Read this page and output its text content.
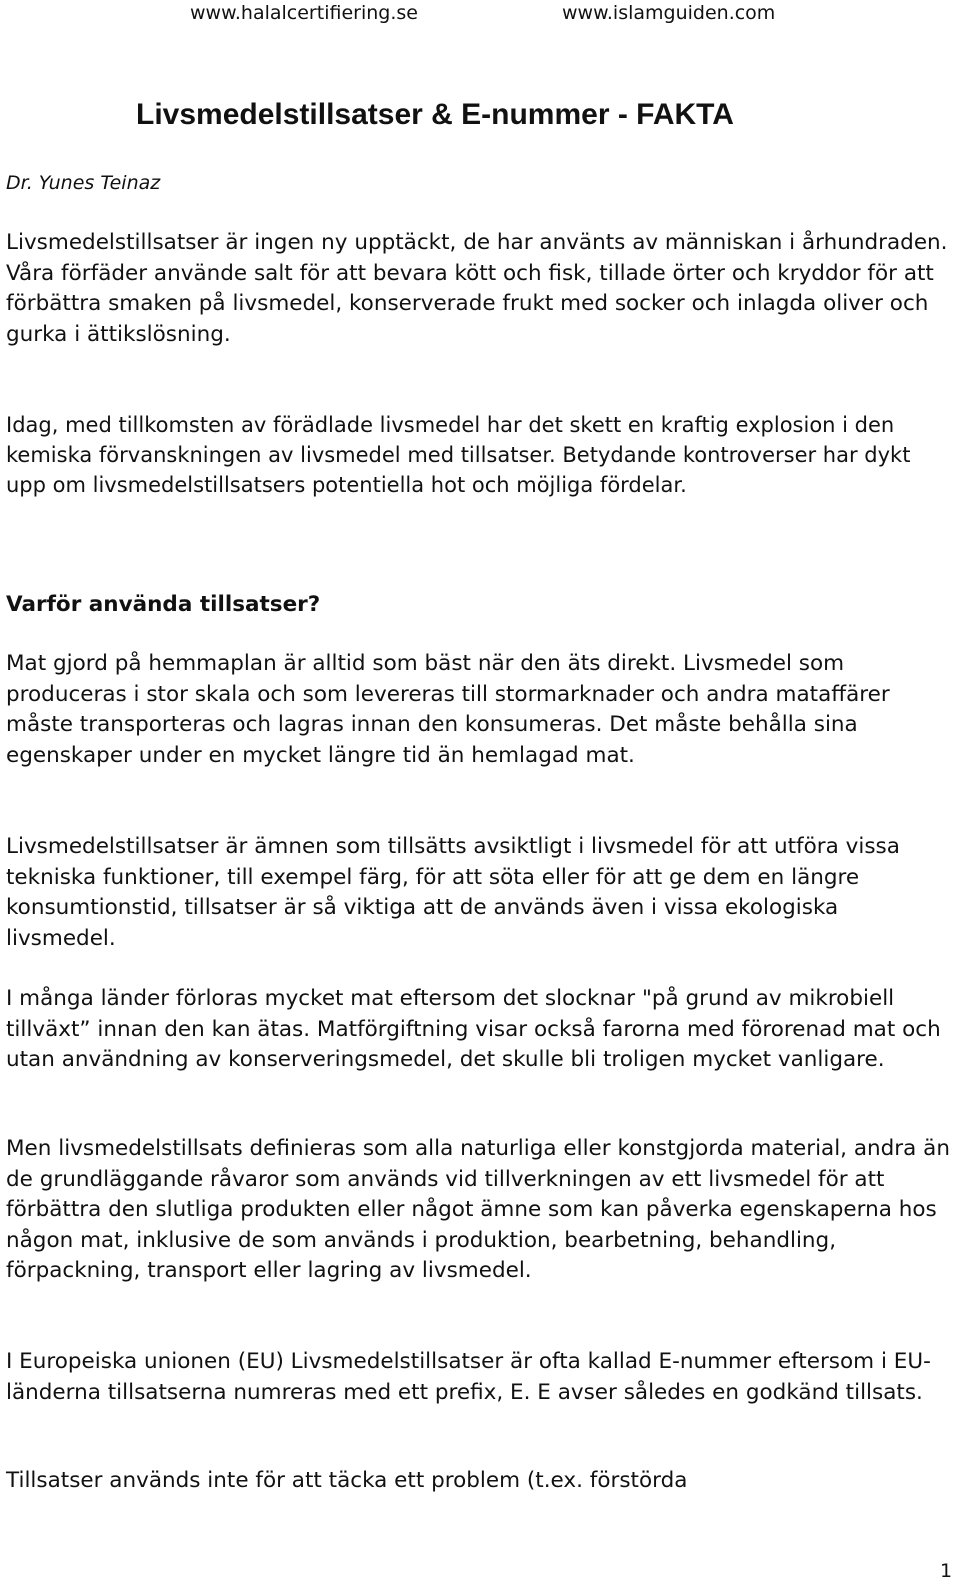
www.halalcertifiering.se	www.islamguiden.com
Livsmedelstillsatser & E-nummer - FAKTA

Dr. Yunes Teinaz

Livsmedelstillsatser är ingen ny upptäckt, de har använts av människan i århundraden. Våra förfäder använde salt för att bevara kött och fisk, tillade örter och kryddor för att förbättra smaken på livsmedel, konserverade frukt med socker och inlagda oliver och gurka i ättikslösning.

Idag, med tillkomsten av förädlade livsmedel har det skett en kraftig explosion i den kemiska förvanskningen av livsmedel med tillsatser. Betydande kontroverser har dykt upp om livsmedelstillsatsers potentiella hot och möjliga fördelar.

Varför använda tillsatser?

Mat gjord på hemmaplan är alltid som bäst när den äts direkt. Livsmedel som produceras i stor skala och som levereras till stormarknader och andra mataffärer måste transporteras och lagras innan den konsumeras. Det måste behålla sina egenskaper under en mycket längre tid än hemlagad mat.

Livsmedelstillsatser är ämnen som tillsätts avsiktligt i livsmedel för att utföra vissa tekniska funktioner, till exempel färg, för att söta eller för att ge dem en längre konsumtionstid, tillsatser är så viktiga att de används även i vissa ekologiska livsmedel.

I många länder förloras mycket mat eftersom det slocknar "på grund av mikrobiell tillväxt” innan den kan ätas. Matförgiftning visar också farorna med förorenad mat och utan användning av konserveringsmedel, det skulle bli troligen mycket vanligare.

Men livsmedelstillsats definieras som alla naturliga eller konstgjorda material, andra än de grundläggande råvaror som används vid tillverkningen av ett livsmedel för att förbättra den slutliga produkten eller något ämne som kan påverka egenskaperna hos någon mat, inklusive de som används i produktion, bearbetning, behandling, förpackning, transport eller lagring av livsmedel.

I Europeiska unionen (EU) Livsmedelstillsatser är ofta kallad E-nummer eftersom i EU-länderna tillsatserna numreras med ett prefix, E. E avser således en godkänd tillsats.

Tillsatser används inte för att täcka ett problem (t.ex. förstörda

1
